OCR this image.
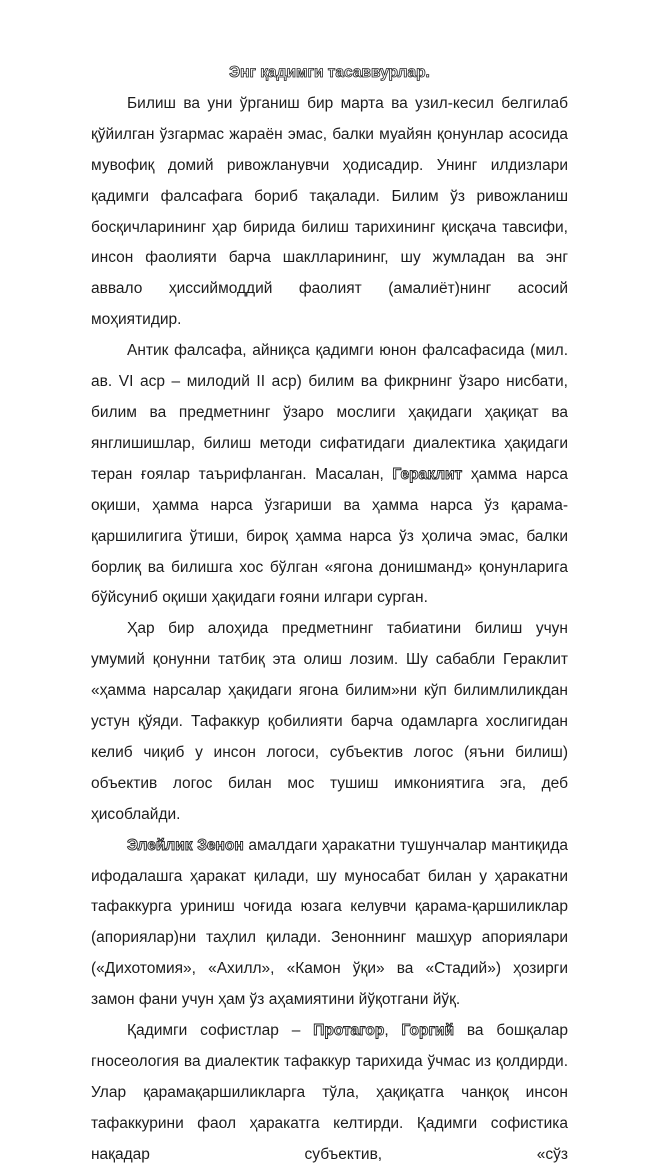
Энг қадимги тасаввурлар.

Билиш ва уни ўрганиш бир марта ва узил-кесил белгилаб қўйилган ўзгармас жараён эмас, балки муайян қонунлар асосида мувофиқ домий ривожланувчи ҳодисадир. Унинг илдизлари қадимги фалсафага бориб тақалади. Билим ўз ривожланиш босқичларининг ҳар бирида билиш тарихининг қисқача тавсифи, инсон фаолияти барча шаклларининг, шу жумладан ва энг аввало ҳиссиймоддий фаолият (амалиёт)нинг асосий моҳиятидир.

Антик фалсафа, айниқса қадимги юнон фалсафасида (мил. ав. VI аср – милодий II аср) билим ва фикрнинг ўзаро нисбати, билим ва предметнинг ўзаро мослиги ҳақидаги ҳақиқат ва янглишишлар, билиш методи сифатидаги диалектика ҳақидаги теран ғоялар таърифланган. Масалан, Гераклит ҳамма нарса оқиши, ҳамма нарса ўзгариши ва ҳамма нарса ўз қарама-қаршилигига ўтиши, бироқ ҳамма нарса ўз ҳолича эмас, балки борлиқ ва билишга хос бўлган «ягона донишманд» қонунларига бўйсуниб оқиши ҳақидаги ғояни илгари сурган.

Ҳар бир алоҳида предметнинг табиатини билиш учун умумий қонунни татбиқ эта олиш лозим. Шу сабабли Гераклит «ҳамма нарсалар ҳақидаги ягона билим»ни кўп билимлиликдан устун қўяди. Тафаккур қобилияти барча одамларга хослигидан келиб чиқиб у инсон логоси, субъектив логос (яъни билиш) объектив логос билан мос тушиш имкониятига эга, деб ҳисоблайди.

Элейлик Зенон амалдаги ҳаракатни тушунчалар мантиқида ифодалашга ҳаракат қилади, шу муносабат билан у ҳаракатни тафаккурга уриниш чоғида юзага келувчи қарама-қаршиликлар (апориялар)ни таҳлил қилади. Зеноннинг машҳур апориялари («Дихотомия», «Ахилл», «Камон ўқи» ва «Стадий») ҳозирги замон фани учун ҳам ўз аҳамиятини йўқотгани йўқ.

Қадимги софистлар – Протагор, Горгий ва бошқалар гносеология ва диалектик тафаккур тарихида ўчмас из қолдирди. Улар қарамақаршиликларга тўла, ҳақиқатга чанқоқ инсон тафаккурини фаол ҳаракатга келтирди. Қадимги софистика нақадар субъектив, «сўз
